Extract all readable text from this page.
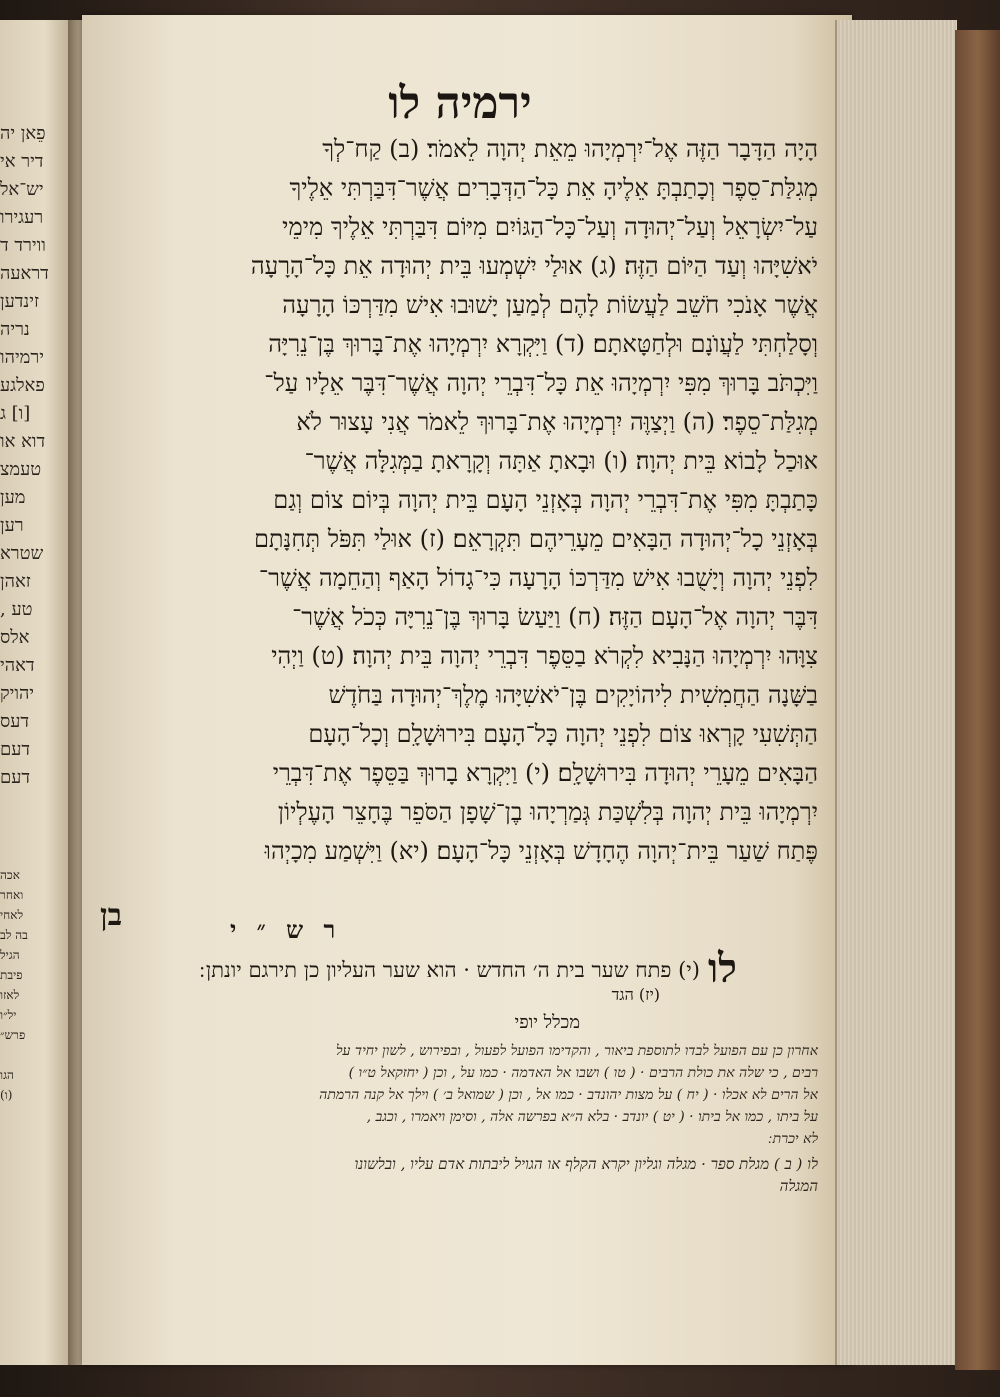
פֵאן יה
דיר אי
יש־אל
רעגירו
ווירד ד
דראעה
זינדען
נריה
ירמיהו
פאלגע
[ו] ג
דוא או
טעמצ
מען
רען
שטרא
זאהן
טע ,
אלס
דאהי
יהויק
דעס
דעם
דעם
אכה
ואחר
לאחי
בה לב
הגיל
פיבת
לאזו
יל״ו
פרש״
הגו
(ו)
ירמיה לו
הָיָה הַדָּבָר הַזֶּה אֶל־יִרְמְיָהוּ מֵאֵת יְהוָה לֵאמֹר׃ (ב) קַח־לְךָ
מְגִלַּת־סֵפֶר וְכָתַבְתָּ אֵלֶיהָ אֵת כָּל־הַדְּבָרִים אֲשֶׁר־דִּבַּרְתִּי אֵלֶיךָ
עַל־יִשְׂרָאֵל וְעַל־יְהוּדָה וְעַל־כָּל־הַגּוֹיִם מִיּוֹם דִּבַּרְתִּי אֵלֶיךָ מִימֵי
יֹאשִׁיָּהוּ וְעַד הַיּוֹם הַזֶּה׃ (ג) אוּלַי יִשְׁמְעוּ בֵּית יְהוּדָה אֵת כָּל־הָרָעָה
אֲשֶׁר אָנֹכִי חֹשֵׁב לַעֲשׂוֹת לָהֶם לְמַעַן יָשׁוּבוּ אִישׁ מִדַּרְכּוֹ הָרָעָה
וְסָלַחְתִּי לַעֲוֺנָם וּלְחַטָּאתָם׃ (ד) וַיִּקְרָא יִרְמְיָהוּ אֶת־בָּרוּךְ בֶּן־נֵרִיָּה
וַיִּכְתֹּב בָּרוּךְ מִפִּי יִרְמְיָהוּ אֵת כָּל־דִּבְרֵי יְהוָה אֲשֶׁר־דִּבֶּר אֵלָיו עַל־
מְגִלַּת־סֵפֶר׃ (ה) וַיְצַוֶּה יִרְמְיָהוּ אֶת־בָּרוּךְ לֵאמֹר אֲנִי עָצוּר לֹא
אוּכַל לָבוֹא בֵּית יְהוָה׃ (ו) וּבָאתָ אַתָּה וְקָרָאתָ בַמְּגִלָּה אֲשֶׁר־
כָּתַבְתָּ מִפִּי אֶת־דִּבְרֵי יְהוָה בְּאָזְנֵי הָעָם בֵּית יְהוָה בְּיוֹם צוֹם וְגַם
בְּאָזְנֵי כָל־יְהוּדָה הַבָּאִים מֵעָרֵיהֶם תִּקְרָאֵם׃ (ז) אוּלַי תִּפֹּל תְּחִנָּתָם
לִפְנֵי יְהוָה וְיָשֻׁבוּ אִישׁ מִדַּרְכּוֹ הָרָעָה כִּי־גָדוֹל הָאַף וְהַחֵמָה אֲשֶׁר־
דִּבֶּר יְהוָה אֶל־הָעָם הַזֶּה׃ (ח) וַיַּעַשׂ בָּרוּךְ בֶּן־נֵרִיָּה כְּכֹל אֲשֶׁר־
צִוָּהוּ יִרְמְיָהוּ הַנָּבִיא לִקְרֹא בַסֵּפֶר דִּבְרֵי יְהוָה בֵּית יְהוָה׃ (ט) וַיְהִי
בַשָּׁנָה הַחֲמִשִׁית לִיהוֹיָקִים בֶּן־יֹאשִׁיָּהוּ מֶלֶךְ־יְהוּדָה בַּחֹדֶשׁ
הַתְּשִׁעִי קָרְאוּ צוֹם לִפְנֵי יְהוָה כָּל־הָעָם בִּירוּשָׁלִָם וְכָל־הָעָם
הַבָּאִים מֵעָרֵי יְהוּדָה בִּירוּשָׁלִָם׃ (י) וַיִּקְרָא בָרוּךְ בַּסֵּפֶר אֶת־דִּבְרֵי
יִרְמְיָהוּ בֵּית יְהוָה בְּלִשְׁכַּת גְּמַרְיָהוּ בֶן־שָׁפָן הַסֹּפֵר בֶּחָצֵר הָעֶלְיוֹן
פֶּתַח שַׁעַר בֵּית־יְהוָה הֶחָדָשׁ בְּאָזְנֵי כָּל־הָעָם׃ (יא) וַיִּשְׁמַע מִכָיְהוּ
בן	ר ש ״ י
לו
(י) פתח שער בית ה׳ החדש · הוא שער העליון כן תירגם יונתן ׃
(יז) הגד
מכלל יופי
אחרון כן עם הפועל לבדו לתוספת ביאור , והקדימו הפועל לפעול , ובפירוש , לשון יחיד על
רבים , כי שלה את כולת הרבים · ( טו ) ושבו אל האדמה · כמו על , וכן ( יחזקאל ט״ו )
אל הרים לא אכלו · ( יח ) על מצות יהונדב · כמו אל , וכן ( שמואל ב׳ ) וילך אל קנה הרמתה
על ביתו , כמו אל ביתו · ( יט ) יונדב · בלא ה״א בפרשה אלה , וסימן ויאמרו , וכגב ,
לא יכרת ׃
לו ( ב ) מגלת ספר · מגלה וגליון יקרא הקלף או הגויל ליבתות אדם עליו , ובלשונו
המגלה
